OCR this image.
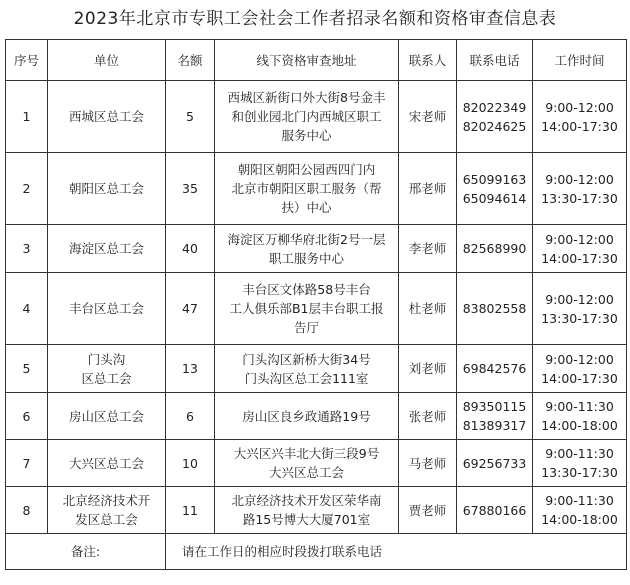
2023年北京市专职工会社会工作者招录名额和资格审查信息表
序号	单位	名额	线下资格审查地址	联系人	联系电话	工作时间
1	西城区总工会	5	西城区新街口外大街8号金丰
和创业园北门内西城区职工
服务中心	宋老师	82022349
82024625	9:00-12:00
14:00-17:30
2	朝阳区总工会	35	朝阳区朝阳公园西四门内
北京市朝阳区职工服务（帮
扶）中心	邢老师	65099163
65094614	9:00-12:00
13:30-17:30
3	海淀区总工会	40	海淀区万柳华府北街2号一层
职工服务中心	李老师	82568990	9:00-12:00
14:00-17:30
4	丰台区总工会	47	丰台区文体路58号丰台
工人俱乐部B1层丰台职工报
告厅	杜老师	83802558	9:00-12:00
13:30-17:30
5	门头沟
区总工会	13	门头沟区新桥大街34号
门头沟区总工会111室	刘老师	69842576	9:00-12:00
14:00-17:30
6	房山区总工会	6	房山区良乡政通路19号	张老师	89350115
81389317	9:00-11:30
14:00-18:00
7	大兴区总工会	10	大兴区兴丰北大街三段9号
大兴区总工会	马老师	69256733	9:00-11:30
13:30-17:30
8	北京经济技术开
发区总工会	11	北京经济技术开发区荣华南
路15号博大大厦701室	贾老师	67880166	9:00-11:30
14:00-18:00
备注:		请在工作日的相应时段拨打联系电话				
